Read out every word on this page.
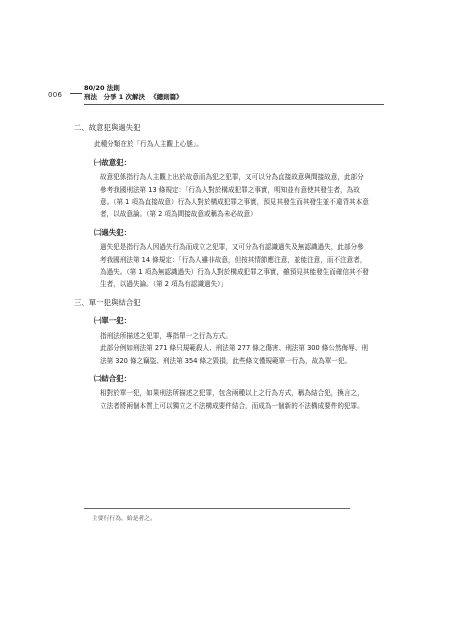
006
80/20 法則
刑法　分爭 1 次解決 《總則篇》
二、故意犯與過失犯
此種分類在於「行為人主觀上心態」。
㈠故意犯：
故意犯係指行為人主觀上出於故意而為犯之犯罪，又可以分為直接故意與間接故意，此部分參考我國刑法第 13 條規定：「行為人對於構成犯罪之事實，明知並有意使其發生者，為故意。（第 1 項為直接故意）行為人對於構成犯罪之事實，預見其發生而其發生並不違背其本意者，以故意論。（第 2 項為間接故意或稱為未必故意）
㈡過失犯：
過失犯是指行為人因過失行為而成立之犯罪，又可分為有認識過失及無認識過失，此部分參考我國刑法第 14 條規定：「行為人雖非故意，但按其情節應注意，並能注意，而不注意者，為過失。（第 1 項為無認識過失）行為人對於構成犯罪之事實，雖預見其能發生而確信其不發生者，以過失論。（第 2 項為有認識過失）」
三、單一犯與結合犯
㈠單一犯：
指刑法所描述之犯罪，專指單一之行為方式。
此部分例如刑法第 271 條只規範殺人、刑法第 277 條之傷害、刑法第 300 條公然侮辱、刑法第 320 條之竊盜、刑法第 354 條之毀損，此些條文僅規範單一行為，故為單一犯。
㈡結合犯：
相對於單一犯，如果刑法所描述之犯罪，包含兩種以上之行為方式，稱為結合犯，換言之，立法者將兩個本質上可以獨立之不法構成要件結合，而成為一個新的不法構成要件的犯罪。
主要行行為，始是者之。
